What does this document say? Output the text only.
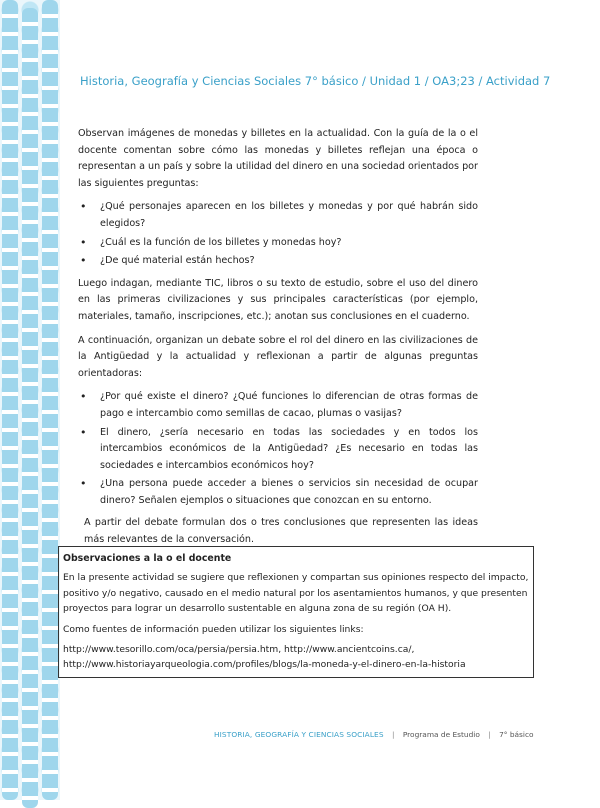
Historia, Geografía y Ciencias Sociales 7° básico / Unidad 1 / OA3;23 / Actividad 7

Observan imágenes de monedas y billetes en la actualidad. Con la guía de la o el docente comentan sobre cómo las monedas y billetes reflejan una época o representan a un país y sobre la utilidad del dinero en una sociedad orientados por las siguientes preguntas:

• ¿Qué personajes aparecen en los billetes y monedas y por qué habrán sido elegidos?
• ¿Cuál es la función de los billetes y monedas hoy?
• ¿De qué material están hechos?

Luego indagan, mediante TIC, libros o su texto de estudio, sobre el uso del dinero en las primeras civilizaciones y sus principales características (por ejemplo, materiales, tamaño, inscripciones, etc.); anotan sus conclusiones en el cuaderno.

A continuación, organizan un debate sobre el rol del dinero en las civilizaciones de la Antigüedad y la actualidad y reflexionan a partir de algunas preguntas orientadoras:

• ¿Por qué existe el dinero? ¿Qué funciones lo diferencian de otras formas de pago e intercambio como semillas de cacao, plumas o vasijas?
• El dinero, ¿sería necesario en todas las sociedades y en todos los intercambios económicos de la Antigüedad? ¿Es necesario en todas las sociedades e intercambios económicos hoy?
• ¿Una persona puede acceder a bienes o servicios sin necesidad de ocupar dinero? Señalen ejemplos o situaciones que conozcan en su entorno.

A partir del debate formulan dos o tres conclusiones que representen las ideas más relevantes de la conversación.

Observaciones a la o el docente

En la presente actividad se sugiere que reflexionen y compartan sus opiniones respecto del impacto, positivo y/o negativo, causado en el medio natural por los asentamientos humanos, y que presenten proyectos para lograr un desarrollo sustentable en alguna zona de su región (OA H).

Como fuentes de información pueden utilizar los siguientes links:

http://www.tesorillo.com/oca/persia/persia.htm, http://www.ancientcoins.ca/,
http://www.historiayarqueologia.com/profiles/blogs/la-moneda-y-el-dinero-en-la-historia
HISTORIA, GEOGRAFÍA Y CIENCIAS SOCIALES | Programa de Estudio | 7° básico
